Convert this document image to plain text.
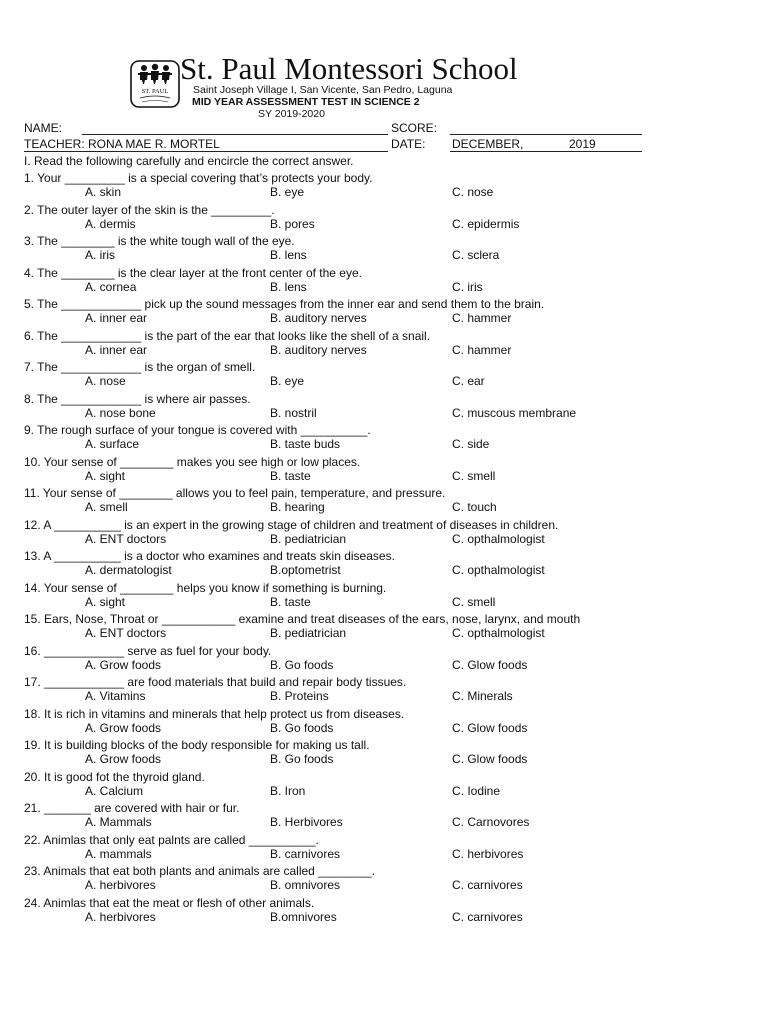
ST. PAUL
St. Paul Montessori School
Saint Joseph Village I, San Vicente, San Pedro, Laguna
MID YEAR ASSESSMENT TEST IN SCIENCE 2
SY 2019-2020
NAME:	SCORE:
TEACHER: RONA MAE R. MORTEL	DATE: DECEMBER,	2019
I. Read the following carefully and encircle the correct answer.
1. Your _________ is a special covering that’s protects your body.
A. skin	B. eye	C. nose
2. The outer layer of the skin is the _________.
A. dermis	B. pores	C. epidermis
3. The ________ is the white tough wall of the eye.
A. iris	B. lens	C. sclera
4. The ________ is the clear layer at the front center of the eye.
A. cornea	B. lens	C. iris
5. The ____________ pick up the sound messages from the inner ear and send them to the brain.
A. inner ear	B. auditory nerves	C. hammer
6. The ____________ is the part of the ear that looks like the shell of a snail.
A. inner ear	B. auditory nerves	C. hammer
7. The ____________ is the organ of smell.
A. nose	B. eye	C. ear
8. The ____________ is where air passes.
A. nose bone	B. nostril	C. muscous membrane
9. The rough surface of your tongue is covered with __________.
A. surface	B. taste buds	C. side
10. Your sense of ________ makes you see high or low places.
A. sight	B. taste	C. smell
11. Your sense of ________ allows you to feel pain, temperature, and pressure.
A. smell	B. hearing	C. touch
12. A __________ is an expert in the growing stage of children and treatment of diseases in children.
A. ENT doctors	B. pediatrician	C. opthalmologist
13. A __________ is a doctor who examines and treats skin diseases.
A. dermatologist	B.optometrist	C. opthalmologist
14. Your sense of ________ helps you know if something is burning.
A. sight	B. taste	C. smell
15. Ears, Nose, Throat or ___________ examine and treat diseases of the ears, nose, larynx, and mouth
A. ENT doctors	B. pediatrician	C. opthalmologist
16. ____________ serve as fuel for your body.
A. Grow foods	B. Go foods	C. Glow foods
17. ____________ are food materials that build and repair body tissues.
A. Vitamins	B. Proteins	C. Minerals
18. It is rich in vitamins and minerals that help protect us from diseases.
A. Grow foods	B. Go foods	C. Glow foods
19. It is building blocks of the body responsible for making us tall.
A. Grow foods	B. Go foods	C. Glow foods
20. It is good fot the thyroid gland.
A. Calcium	B. Iron	C. Iodine
21. _______ are covered with hair or fur.
A. Mammals	B. Herbivores	C. Carnovores
22. Animlas that only eat palnts are called __________.
A. mammals	B. carnivores	C. herbivores
23. Animals that eat both plants and animals are called ________.
A. herbivores	B. omnivores	C. carnivores
24. Animlas that eat the meat or flesh of other animals.
A. herbivores	B.omnivores	C. carnivores
